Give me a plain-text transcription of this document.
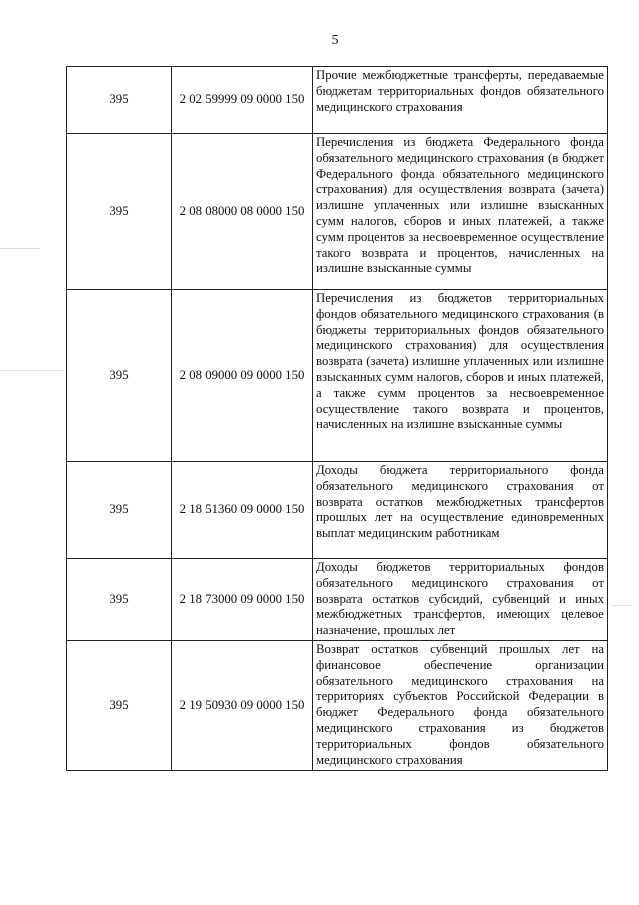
5
395	2 02 59999 09 0000 150	Прочие межбюджетные трансферты, передаваемые бюджетам территориальных фондов обязательного медицинского страхования
395	2 08 08000 08 0000 150	Перечисления из бюджета Федерального фонда обязательного медицинского страхования (в бюджет Федерального фонда обязательного медицинского страхования) для осуществления возврата (зачета) излишне уплаченных или излишне взысканных сумм налогов, сборов и иных платежей, а также сумм процентов за несвоевременное осуществление такого возврата и процентов, начисленных на излишне взысканные суммы
395	2 08 09000 09 0000 150	Перечисления из бюджетов территориальных фондов обязательного медицинского страхования (в бюджеты территориальных фондов обязательного медицинского страхования) для осуществления возврата (зачета) излишне уплаченных или излишне взысканных сумм налогов, сборов и иных платежей, а также сумм процентов за несвоевременное осуществление такого возврата и процентов, начисленных на излишне взысканные суммы
395	2 18 51360 09 0000 150	Доходы бюджета территориального фонда обязательного медицинского страхования от возврата остатков межбюджетных трансфертов прошлых лет на осуществление единовременных выплат медицинским работникам
395	2 18 73000 09 0000 150	Доходы бюджетов территориальных фондов обязательного медицинского страхования от возврата остатков субсидий, субвенций и иных межбюджетных трансфертов, имеющих целевое назначение, прошлых лет
395	2 19 50930 09 0000 150	Возврат остатков субвенций прошлых лет на финансовое обеспечение организации обязательного медицинского страхования на территориях субъектов Российской Федерации в бюджет Федерального фонда обязательного медицинского страхования из бюджетов территориальных фондов обязательного медицинского страхования
